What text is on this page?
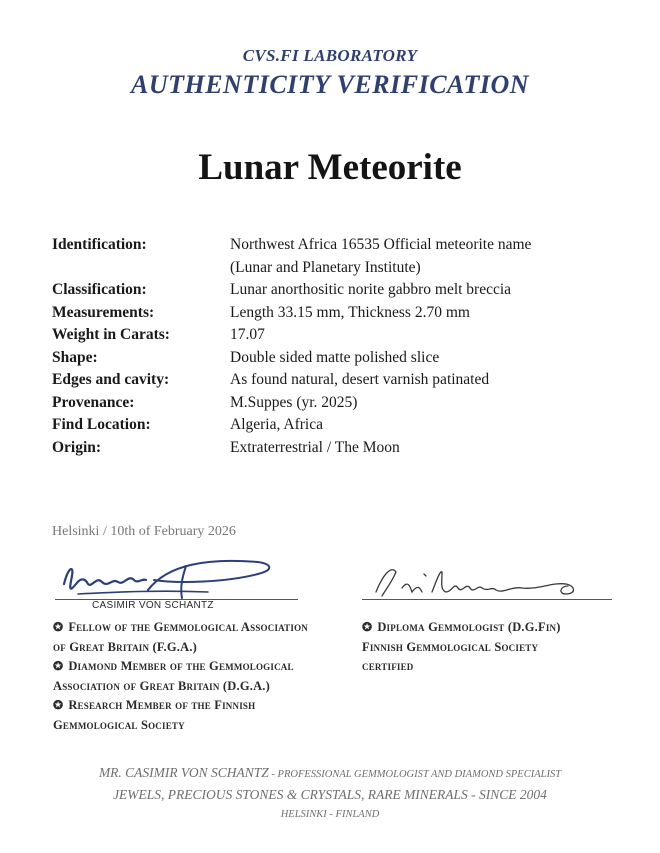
CVS.FI LABORATORY
AUTHENTICITY VERIFICATION
Lunar Meteorite
Identification:	Northwest Africa 16535 Official meteorite name (Lunar and Planetary Institute)
Classification:	Lunar anorthositic norite gabbro melt breccia
Measurements:	Length 33.15 mm, Thickness 2.70 mm
Weight in Carats:	17.07
Shape:	Double sided matte polished slice
Edges and cavity:	As found natural, desert varnish patinated
Provenance:	M.Suppes (yr. 2025)
Find Location:	Algeria, Africa
Origin:	Extraterrestrial / The Moon
Helsinki / 10th of February 2026
CASIMIR VON SCHANTZ
✪ Fellow of the Gemmological Association
of Great Britain (F.G.A.)
✪ Diamond Member of the Gemmological
Association of Great Britain (D.G.A.)
✪ Research Member of the Finnish
Gemmological Society
✪ Diploma Gemmologist (D.G.Fin)
Finnish Gemmological Society
certified
MR. CASIMIR VON SCHANTZ - PROFESSIONAL GEMMOLOGIST AND DIAMOND SPECIALIST
JEWELS, PRECIOUS STONES & CRYSTALS, RARE MINERALS - SINCE 2004
HELSINKI - FINLAND
